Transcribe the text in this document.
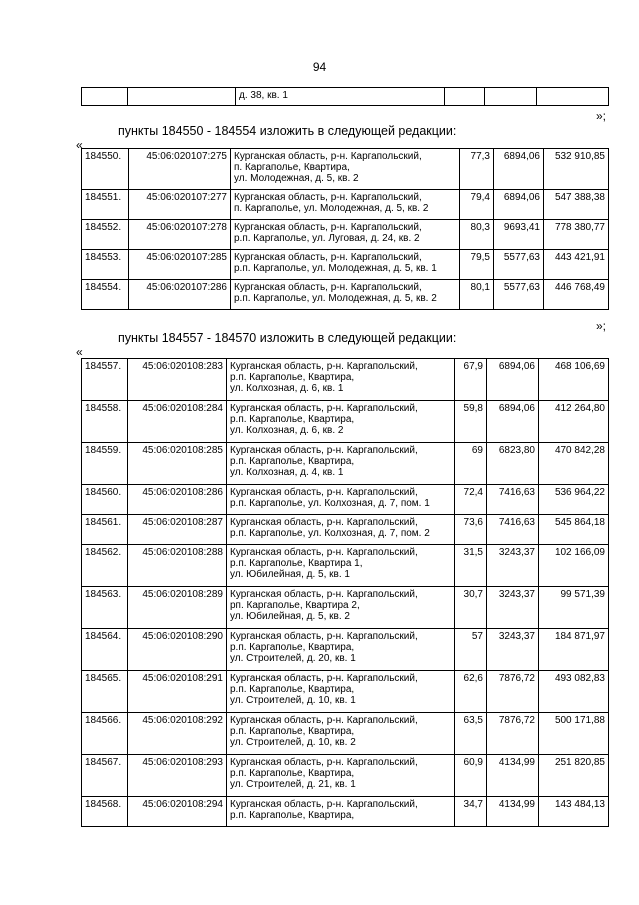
94
		д. 38, кв. 1			
»;
пункты 184550 - 184554 изложить в следующей редакции:
«
184550.	45:06:020107:275	Курганская область, р-н. Каргапольский,
п. Каргаполье, Квартира,
ул. Молодежная, д. 5, кв. 2	77,3	6894,06	532 910,85
184551.	45:06:020107:277	Курганская область, р-н. Каргапольский,
п. Каргаполье, ул. Молодежная, д. 5, кв. 2	79,4	6894,06	547 388,38
184552.	45:06:020107:278	Курганская область, р-н. Каргапольский,
р.п. Каргаполье, ул. Луговая, д. 24, кв. 2	80,3	9693,41	778 380,77
184553.	45:06:020107:285	Курганская область, р-н. Каргапольский,
р.п. Каргаполье, ул. Молодежная, д. 5, кв. 1	79,5	5577,63	443 421,91
184554.	45:06:020107:286	Курганская область, р-н. Каргапольский,
р.п. Каргаполье, ул. Молодежная, д. 5, кв. 2	80,1	5577,63	446 768,49
»;
пункты 184557 - 184570 изложить в следующей редакции:
«
184557.	45:06:020108:283	Курганская область, р-н. Каргапольский,
р.п. Каргаполье, Квартира,
ул. Колхозная, д. 6, кв. 1	67,9	6894,06	468 106,69
184558.	45:06:020108:284	Курганская область, р-н. Каргапольский,
р.п. Каргаполье, Квартира,
ул. Колхозная, д. 6, кв. 2	59,8	6894,06	412 264,80
184559.	45:06:020108:285	Курганская область, р-н. Каргапольский,
р.п. Каргаполье, Квартира,
ул. Колхозная, д. 4, кв. 1	69	6823,80	470 842,28
184560.	45:06:020108:286	Курганская область, р-н. Каргапольский,
р.п. Каргаполье, ул. Колхозная, д. 7, пом. 1	72,4	7416,63	536 964,22
184561.	45:06:020108:287	Курганская область, р-н. Каргапольский,
р.п. Каргаполье, ул. Колхозная, д. 7, пом. 2	73,6	7416,63	545 864,18
184562.	45:06:020108:288	Курганская область, р-н. Каргапольский,
р.п. Каргаполье, Квартира 1,
ул. Юбилейная, д. 5, кв. 1	31,5	3243,37	102 166,09
184563.	45:06:020108:289	Курганская область, р-н. Каргапольский,
рп. Каргаполье, Квартира 2,
ул. Юбилейная, д. 5, кв. 2	30,7	3243,37	99 571,39
184564.	45:06:020108:290	Курганская область, р-н. Каргапольский,
р.п. Каргаполье, Квартира,
ул. Строителей, д. 20, кв. 1	57	3243,37	184 871,97
184565.	45:06:020108:291	Курганская область, р-н. Каргапольский,
р.п. Каргаполье, Квартира,
ул. Строителей, д. 10, кв. 1	62,6	7876,72	493 082,83
184566.	45:06:020108:292	Курганская область, р-н. Каргапольский,
р.п. Каргаполье, Квартира,
ул. Строителей, д. 10, кв. 2	63,5	7876,72	500 171,88
184567.	45:06:020108:293	Курганская область, р-н. Каргапольский,
р.п. Каргаполье, Квартира,
ул. Строителей, д. 21, кв. 1	60,9	4134,99	251 820,85
184568.	45:06:020108:294	Курганская область, р-н. Каргапольский,
р.п. Каргаполье, Квартира,	34,7	4134,99	143 484,13
